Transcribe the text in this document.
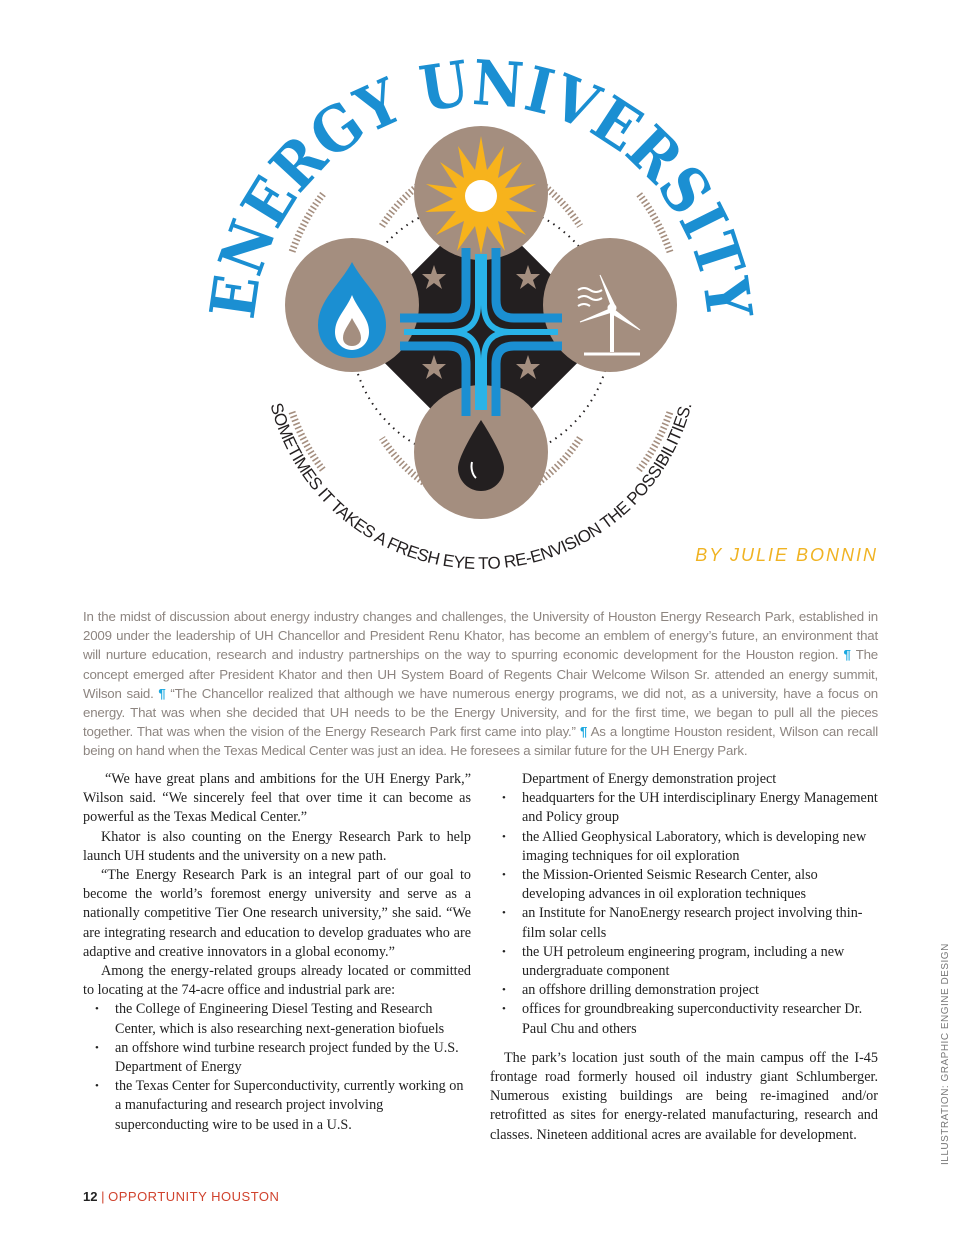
ENERGY UNIVERSITY
SOMETIMES IT TAKES A FRESH EYE TO RE-ENVISION THE POSSIBILITIES.
BY JULIE BONNIN

In the midst of discussion about energy industry changes and challenges, the University of Houston Energy Research Park, established in 2009 under the leadership of UH Chancellor and President Renu Khator, has become an emblem of energy’s future, an environment that will nurture education, research and industry partnerships on the way to spurring economic development for the Houston region. ¶ The concept emerged after President Khator and then UH System Board of Regents Chair Welcome Wilson Sr. attended an energy summit, Wilson said. ¶ “The Chancellor realized that although we have numerous energy programs, we did not, as a university, have a focus on energy. That was when she decided that UH needs to be the Energy University, and for the first time, we began to pull all the pieces together. That was when the vision of the Energy Research Park first came into play.” ¶ As a longtime Houston resident, Wilson can recall being on hand when the Texas Medical Center was just an idea. He foresees a similar future for the UH Energy Park.

“We have great plans and ambitions for the UH Energy Park,” Wilson said. “We sincerely feel that over time it can become as powerful as the Texas Medical Center.”

Khator is also counting on the Energy Research Park to help launch UH students and the university on a new path.

“The Energy Research Park is an integral part of our goal to become the world’s foremost energy university and serve as a nationally competitive Tier One research university,” she said. “We are integrating research and education to develop graduates who are adaptive and creative innovators in a global economy.”

Among the energy-related groups already located or committed to locating at the 74-acre office and industrial park are:

• the College of Engineering Diesel Testing and Research Center, which is also researching next-generation biofuels
• an offshore wind turbine research project funded by the U.S. Department of Energy
• the Texas Center for Superconductivity, currently working on a manufacturing and research project involving superconducting wire to be used in a U.S.

Department of Energy demonstration project

• headquarters for the UH interdisciplinary Energy Management and Policy group
• the Allied Geophysical Laboratory, which is developing new imaging techniques for oil exploration
• the Mission-Oriented Seismic Research Center, also developing advances in oil exploration techniques
• an Institute for NanoEnergy research project involving thin-film solar cells
• the UH petroleum engineering program, including a new undergraduate component
• an offshore drilling demonstration project
• offices for groundbreaking superconductivity researcher Dr. Paul Chu and others

The park’s location just south of the main campus off the I-45 frontage road formerly housed oil industry giant Schlumberger. Numerous existing buildings are being re-imagined and/or retrofitted as sites for energy-related manufacturing, research and classes. Nineteen additional acres are available for development.

12 | OPPORTUNITY HOUSTON
ILLUSTRATION: GRAPHIC ENGINE DESIGN
